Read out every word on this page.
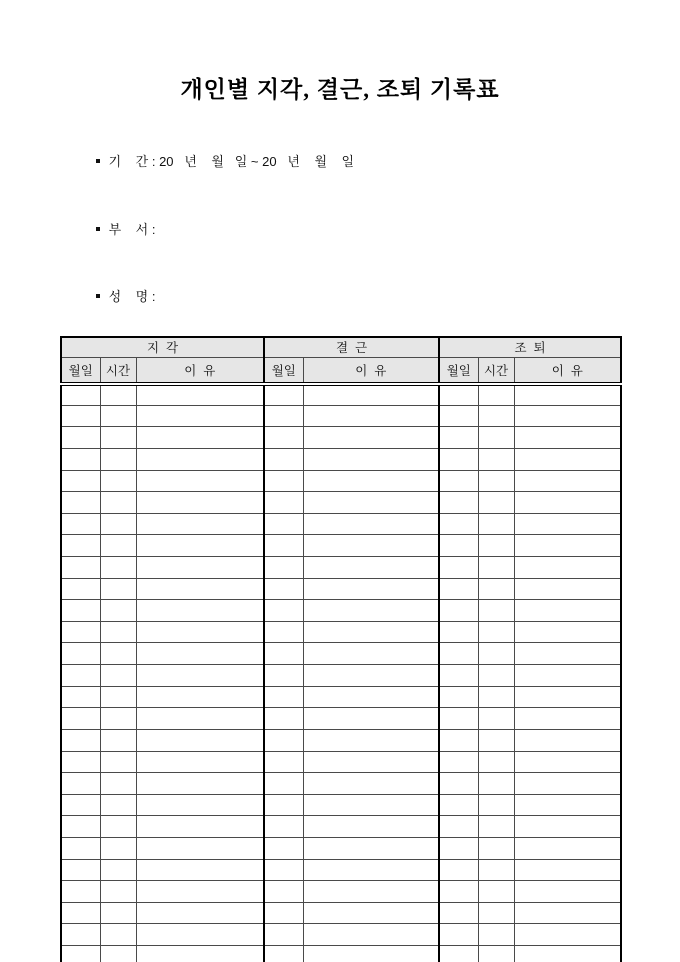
개인별 지각, 결근, 조퇴 기록표

기    간 : 20   년    월   일 ~ 20   년    월    일

부    서 :

성    명 :

지  각			결  근		조  퇴		
월일	시간	이  유	월일	이  유	월일	시간	이  유
